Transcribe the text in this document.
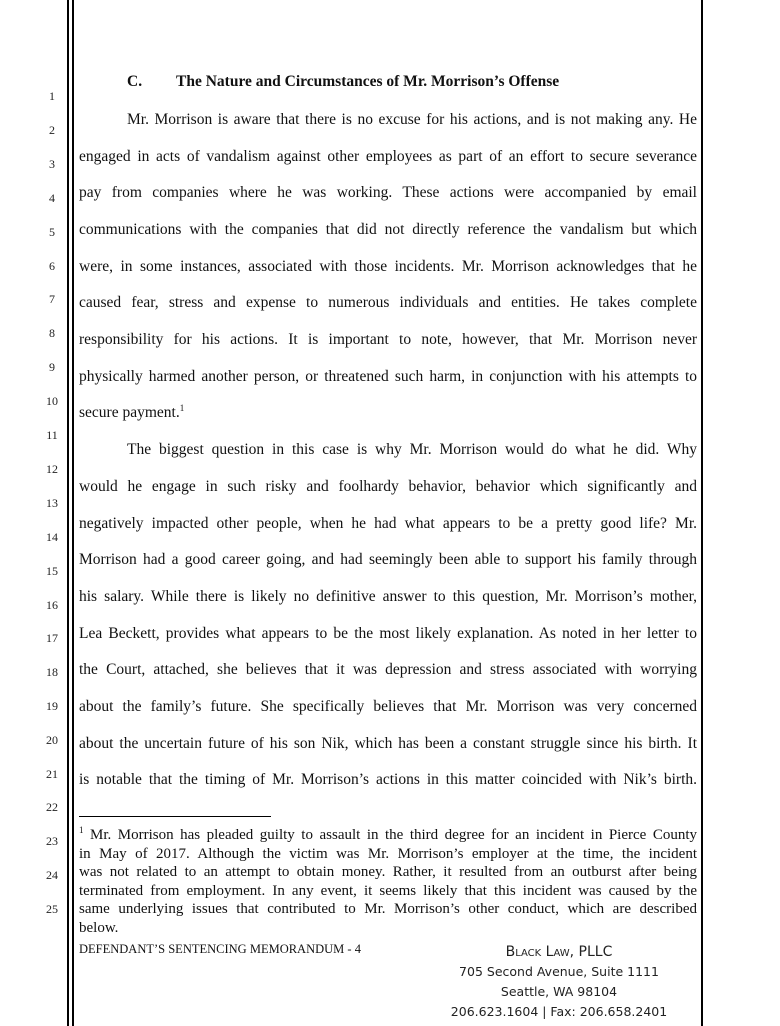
1
2
3
4
5
6
7
8
9
10
11
12
13
14
15
16
17
18
19
20
21
22
23
24
25
C. The Nature and Circumstances of Mr. Morrison’s Offense
Mr. Morrison is aware that there is no excuse for his actions, and is not making any. He
engaged in acts of vandalism against other employees as part of an effort to secure severance
pay from companies where he was working. These actions were accompanied by email
communications with the companies that did not directly reference the vandalism but which
were, in some instances, associated with those incidents. Mr. Morrison acknowledges that he
caused fear, stress and expense to numerous individuals and entities. He takes complete
responsibility for his actions. It is important to note, however, that Mr. Morrison never
physically harmed another person, or threatened such harm, in conjunction with his attempts to
secure payment.$^1$
The biggest question in this case is why Mr. Morrison would do what he did. Why
would he engage in such risky and foolhardy behavior, behavior which significantly and
negatively impacted other people, when he had what appears to be a pretty good life? Mr.
Morrison had a good career going, and had seemingly been able to support his family through
his salary. While there is likely no definitive answer to this question, Mr. Morrison’s mother,
Lea Beckett, provides what appears to be the most likely explanation. As noted in her letter to
the Court, attached, she believes that it was depression and stress associated with worrying
about the family’s future. She specifically believes that Mr. Morrison was very concerned
about the uncertain future of his son Nik, which has been a constant struggle since his birth. It
is notable that the timing of Mr. Morrison’s actions in this matter coincided with Nik’s birth.
$^1$ Mr. Morrison has pleaded guilty to assault in the third degree for an incident in Pierce County
in May of 2017. Although the victim was Mr. Morrison’s employer at the time, the incident
was not related to an attempt to obtain money. Rather, it resulted from an outburst after being
terminated from employment. In any event, it seems likely that this incident was caused by the
same underlying issues that contributed to Mr. Morrison’s other conduct, which are described
below.
DEFENDANT’S SENTENCING MEMORANDUM - 4	Black Law, PLLC
705 Second Avenue, Suite 1111
Seattle, WA 98104
206.623.1604 | Fax: 206.658.2401
